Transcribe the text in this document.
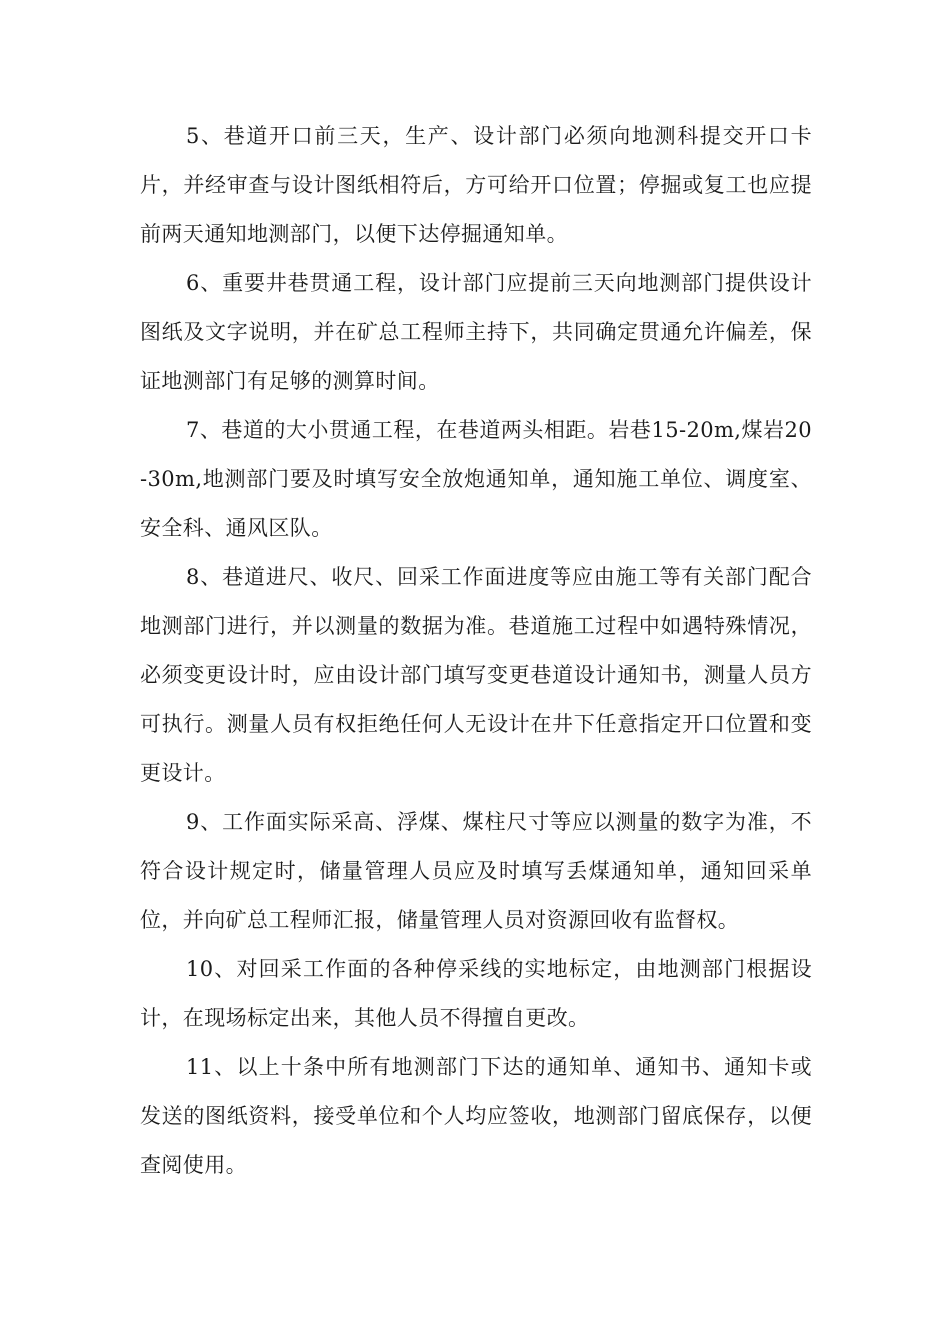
5、巷道开口前三天，生产、设计部门必须向地测科提交开口卡片，并经审查与设计图纸相符后，方可给开口位置；停掘或复工也应提前两天通知地测部门，以便下达停掘通知单。

6、重要井巷贯通工程，设计部门应提前三天向地测部门提供设计图纸及文字说明，并在矿总工程师主持下，共同确定贯通允许偏差，保证地测部门有足够的测算时间。

7、巷道的大小贯通工程，在巷道两头相距。岩巷15-20m,煤岩20-30m,地测部门要及时填写安全放炮通知单，通知施工单位、调度室、安全科、通风区队。

8、巷道进尺、收尺、回采工作面进度等应由施工等有关部门配合地测部门进行，并以测量的数据为准。巷道施工过程中如遇特殊情况，必须变更设计时，应由设计部门填写变更巷道设计通知书，测量人员方可执行。测量人员有权拒绝任何人无设计在井下任意指定开口位置和变更设计。

9、工作面实际采高、浮煤、煤柱尺寸等应以测量的数字为准，不符合设计规定时，储量管理人员应及时填写丢煤通知单，通知回采单位，并向矿总工程师汇报，储量管理人员对资源回收有监督权。

10、对回采工作面的各种停采线的实地标定，由地测部门根据设计，在现场标定出来，其他人员不得擅自更改。

11、以上十条中所有地测部门下达的通知单、通知书、通知卡或发送的图纸资料，接受单位和个人均应签收，地测部门留底保存，以便查阅使用。
